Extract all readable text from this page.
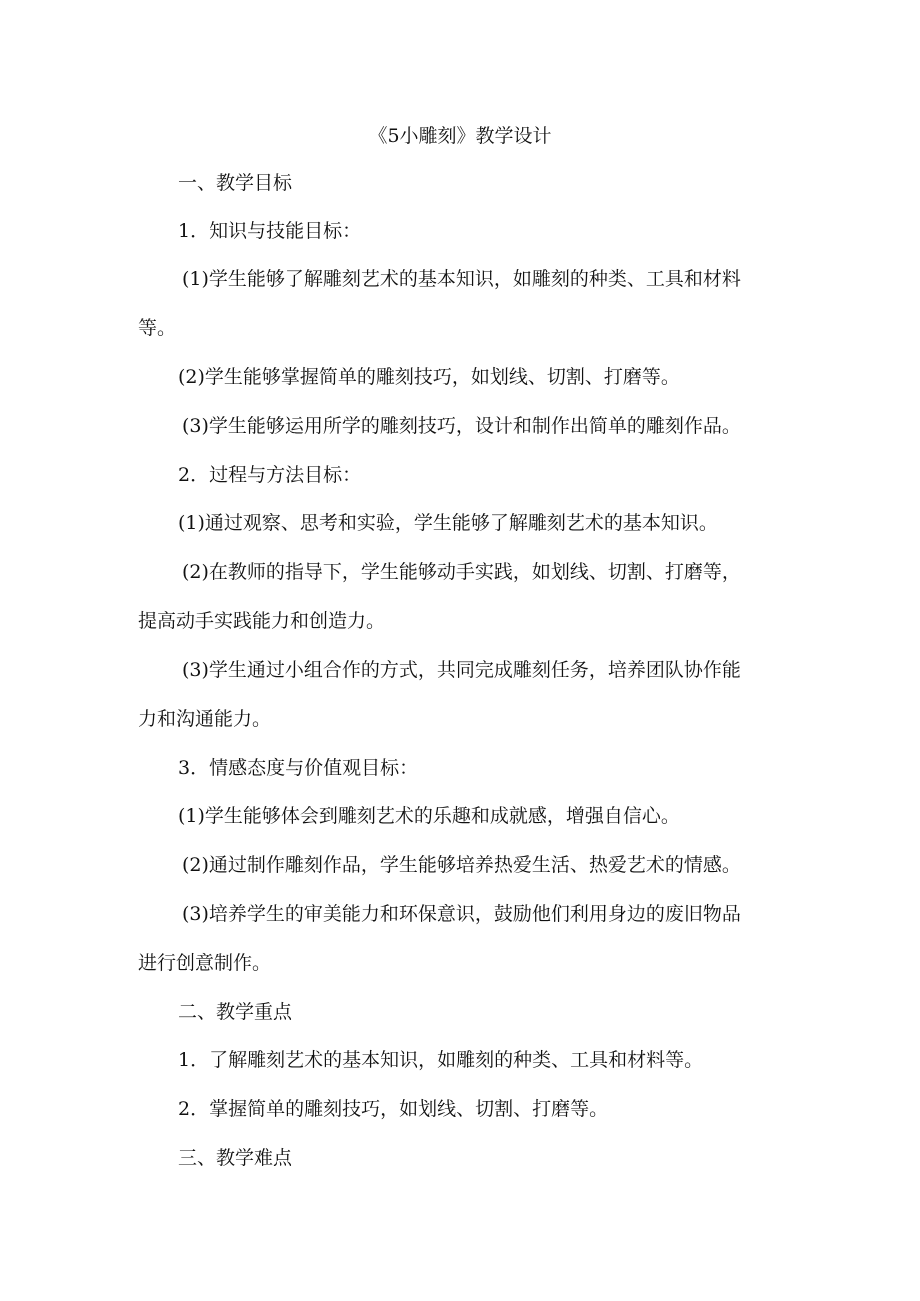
《5小雕刻》教学设计
一、教学目标
1．知识与技能目标：
(1)学生能够了解雕刻艺术的基本知识，如雕刻的种类、工具和材料
等。
(2)学生能够掌握简单的雕刻技巧，如划线、切割、打磨等。
(3)学生能够运用所学的雕刻技巧，设计和制作出简单的雕刻作品。
2．过程与方法目标：
(1)通过观察、思考和实验，学生能够了解雕刻艺术的基本知识。
(2)在教师的指导下，学生能够动手实践，如划线、切割、打磨等，
提高动手实践能力和创造力。
(3)学生通过小组合作的方式，共同完成雕刻任务，培养团队协作能
力和沟通能力。
3．情感态度与价值观目标：
(1)学生能够体会到雕刻艺术的乐趣和成就感，增强自信心。
(2)通过制作雕刻作品，学生能够培养热爱生活、热爱艺术的情感。
(3)培养学生的审美能力和环保意识，鼓励他们利用身边的废旧物品
进行创意制作。
二、教学重点
1．了解雕刻艺术的基本知识，如雕刻的种类、工具和材料等。
2．掌握简单的雕刻技巧，如划线、切割、打磨等。
三、教学难点
